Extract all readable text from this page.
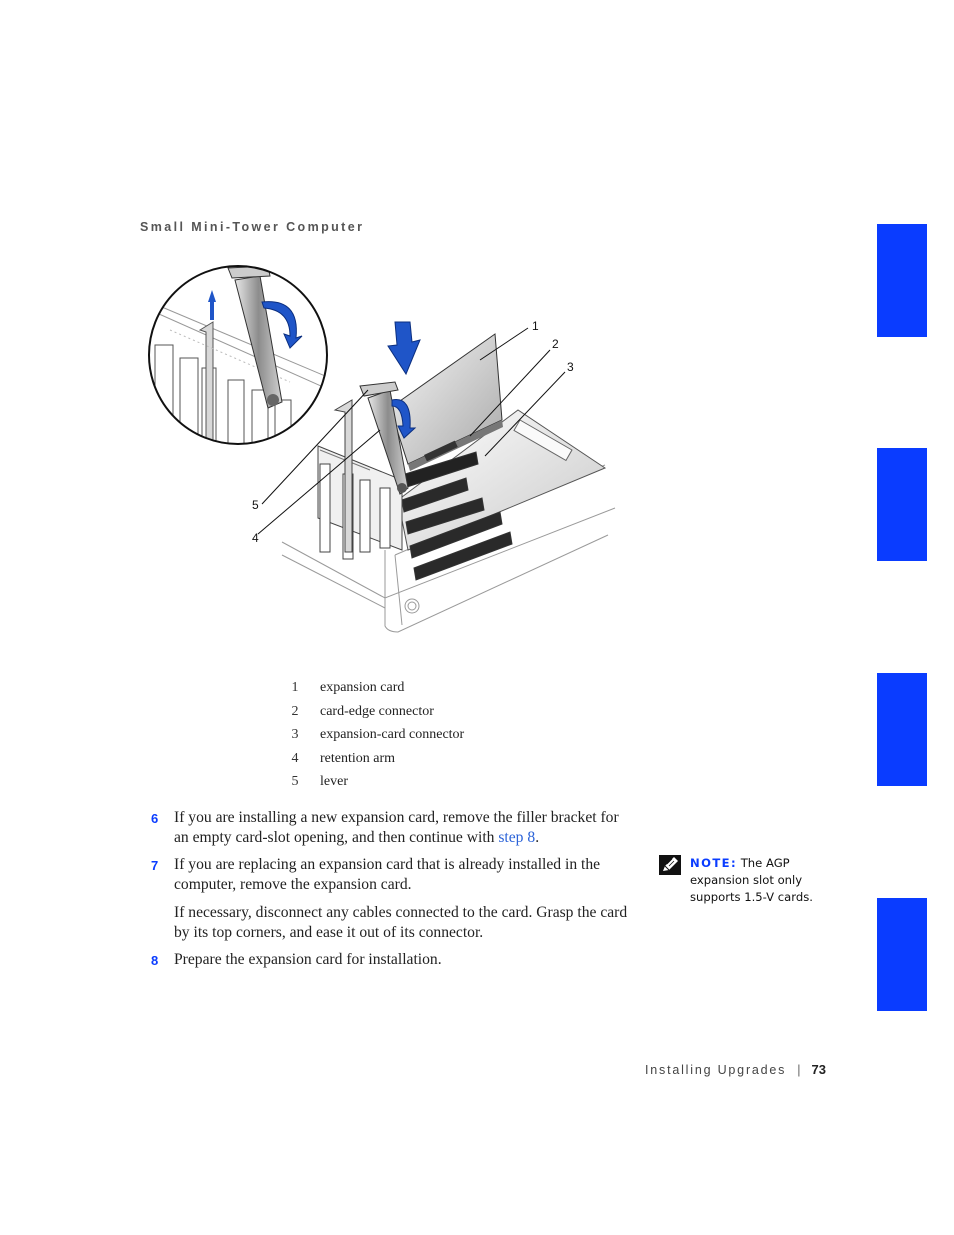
Small Mini-Tower Computer
1
2
3
4
5
1 expansion card
2 card-edge connector
3 expansion-card connector
4 retention arm
5 lever
6 If you are installing a new expansion card, remove the filler bracket for an empty card-slot opening, and then continue with step 8.

7 If you are replacing an expansion card that is already installed in the computer, remove the expansion card.

If necessary, disconnect any cables connected to the card. Grasp the card by its top corners, and ease it out of its connector.

8 Prepare the expansion card for installation.

NOTE: The AGP expansion slot only supports 1.5-V cards.
Installing Upgrades | 73
